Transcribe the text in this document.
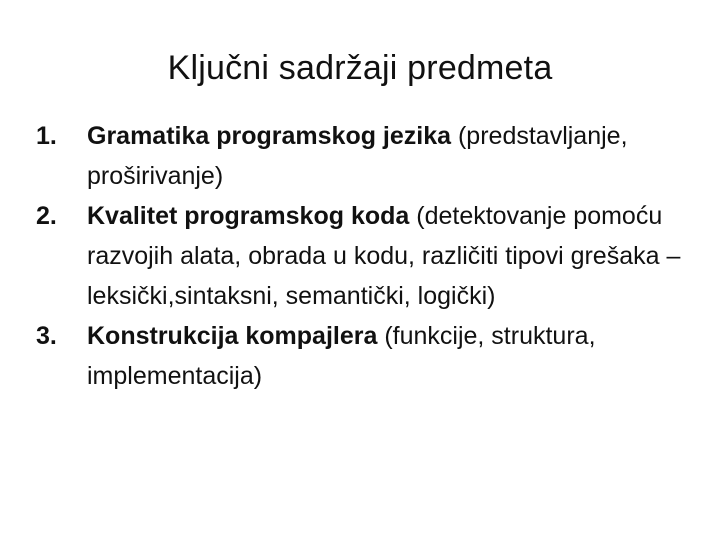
Ključni sadržaji predmeta
1. Gramatika programskog jezika (predstavljanje, proširivanje)
2. Kvalitet programskog koda (detektovanje pomoću razvojih alata, obrada u kodu, različiti tipovi grešaka – leksički,sintaksni, semantički, logički)
3. Konstrukcija kompajlera (funkcije, struktura, implementacija)
